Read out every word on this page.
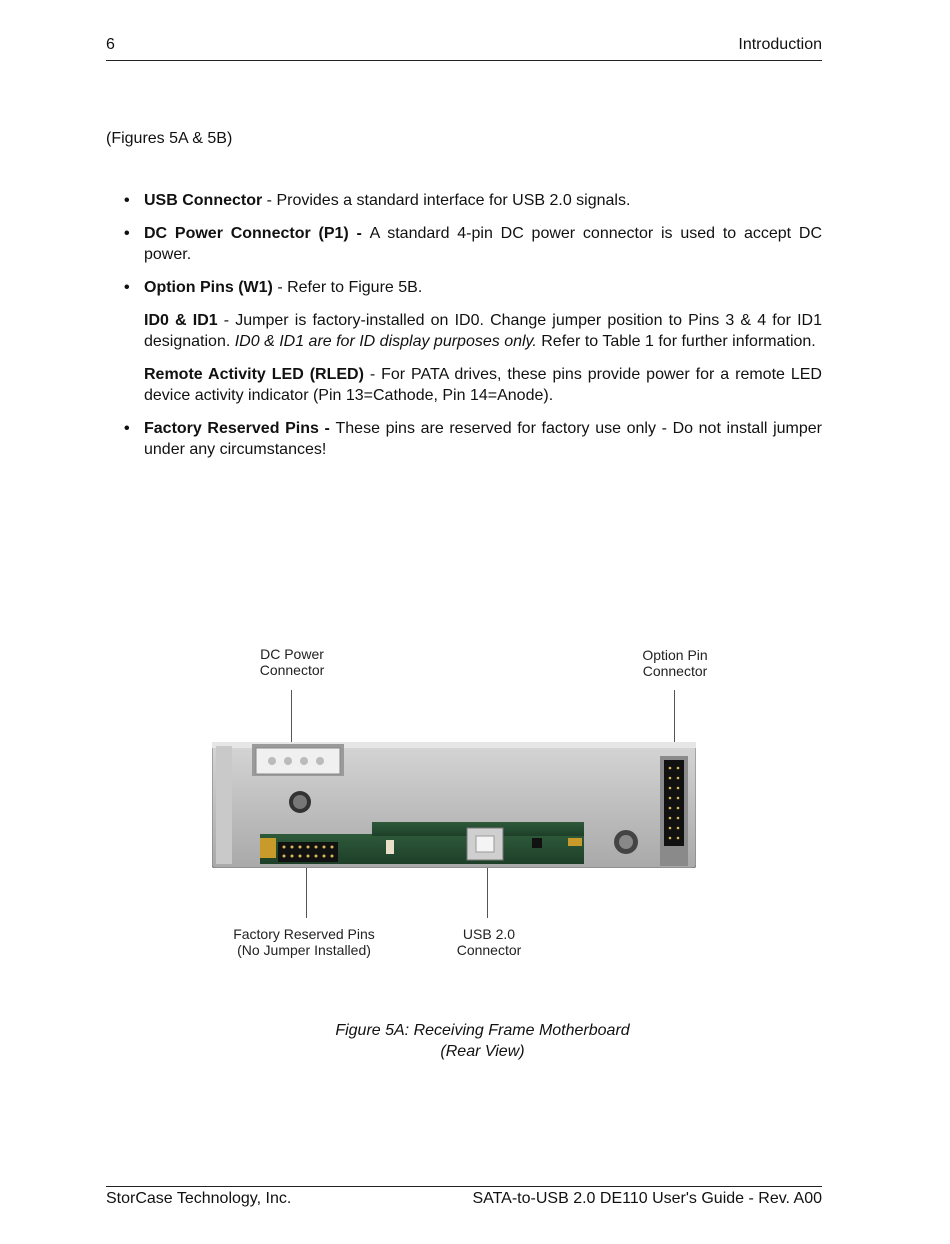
6	Introduction
(Figures 5A & 5B)
• USB Connector - Provides a standard interface for USB 2.0 signals.
• DC Power Connector (P1) - A standard 4-pin DC power connector is used to accept DC power.
• Option Pins (W1) - Refer to Figure 5B.
ID0 & ID1 - Jumper is factory-installed on ID0. Change jumper position to Pins 3 & 4 for ID1 designation. ID0 & ID1 are for ID display purposes only. Refer to Table 1 for further information.
Remote Activity LED (RLED) - For PATA drives, these pins provide power for a remote LED device activity indicator (Pin 13=Cathode, Pin 14=Anode).
• Factory Reserved Pins - These pins are reserved for factory use only - Do not install jumper under any circumstances!
DC Power
Connector
Option Pin
Connector
Factory Reserved Pins
(No Jumper Installed)
USB 2.0
Connector
Figure 5A: Receiving Frame Motherboard
(Rear View)
StorCase Technology, Inc.	SATA-to-USB 2.0 DE110 User's Guide - Rev. A00
